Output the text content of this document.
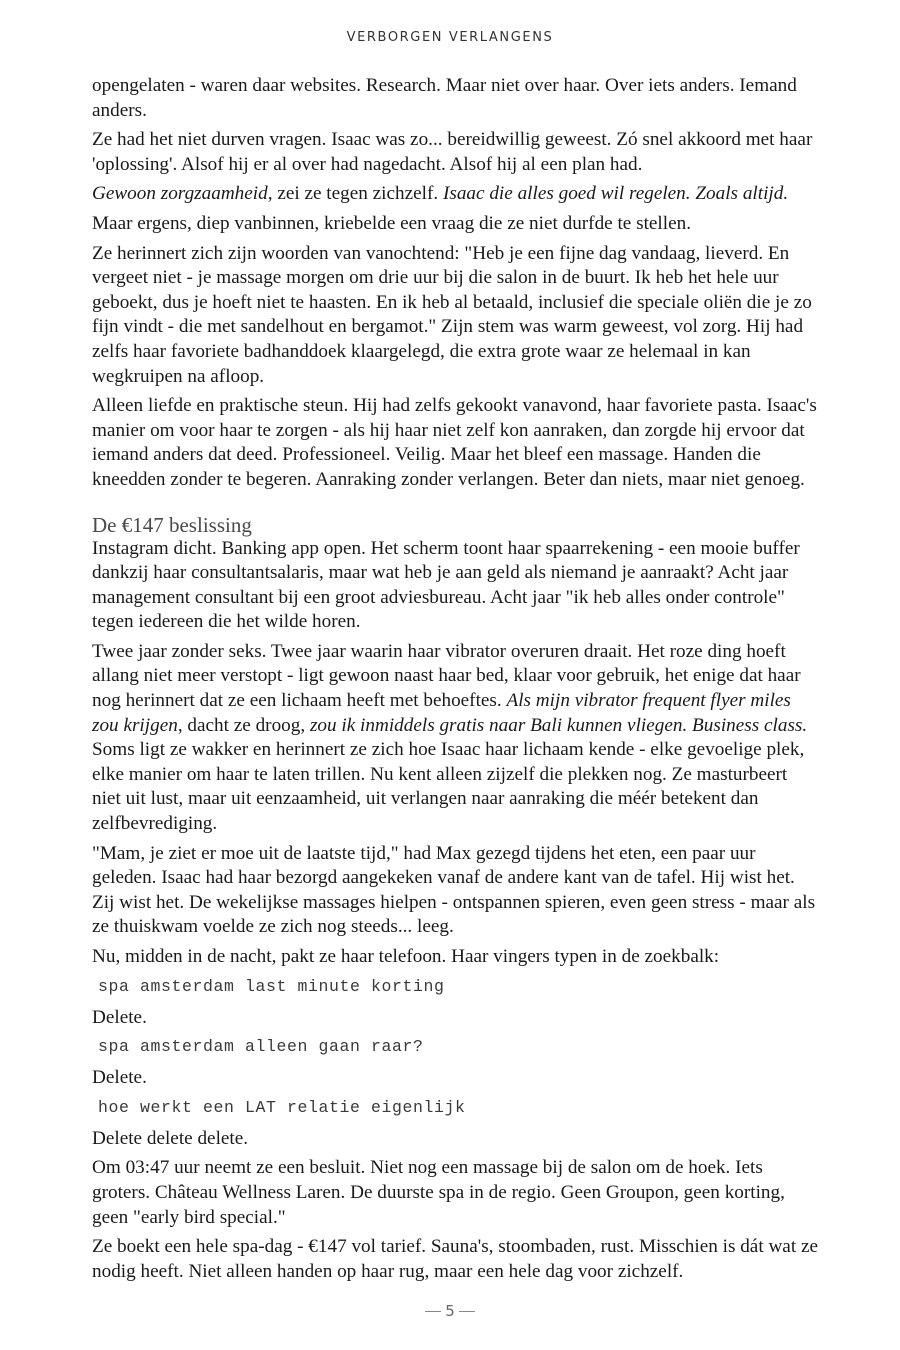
VERBORGEN VERLANGENS

opengelaten - waren daar websites. Research. Maar niet over haar. Over iets anders. Iemand anders.

Ze had het niet durven vragen. Isaac was zo... bereidwillig geweest. Zó snel akkoord met haar 'oplossing'. Alsof hij er al over had nagedacht. Alsof hij al een plan had.

Gewoon zorgzaamheid, zei ze tegen zichzelf. Isaac die alles goed wil regelen. Zoals altijd.

Maar ergens, diep vanbinnen, kriebelde een vraag die ze niet durfde te stellen.

Ze herinnert zich zijn woorden van vanochtend: "Heb je een fijne dag vandaag, lieverd. En vergeet niet - je massage morgen om drie uur bij die salon in de buurt. Ik heb het hele uur geboekt, dus je hoeft niet te haasten. En ik heb al betaald, inclusief die speciale oliën die je zo fijn vindt - die met sandelhout en bergamot." Zijn stem was warm geweest, vol zorg. Hij had zelfs haar favoriete badhanddoek klaargelegd, die extra grote waar ze helemaal in kan wegkruipen na afloop.

Alleen liefde en praktische steun. Hij had zelfs gekookt vanavond, haar favoriete pasta. Isaac's manier om voor haar te zorgen - als hij haar niet zelf kon aanraken, dan zorgde hij ervoor dat iemand anders dat deed. Professioneel. Veilig. Maar het bleef een massage. Handen die kneedden zonder te begeren. Aanraking zonder verlangen. Beter dan niets, maar niet genoeg.

De €147 beslissing

Instagram dicht. Banking app open. Het scherm toont haar spaarrekening - een mooie buffer dankzij haar consultantsalaris, maar wat heb je aan geld als niemand je aanraakt? Acht jaar management consultant bij een groot adviesbureau. Acht jaar "ik heb alles onder controle" tegen iedereen die het wilde horen.

Twee jaar zonder seks. Twee jaar waarin haar vibrator overuren draait. Het roze ding hoeft allang niet meer verstopt - ligt gewoon naast haar bed, klaar voor gebruik, het enige dat haar nog herinnert dat ze een lichaam heeft met behoeftes. Als mijn vibrator frequent flyer miles zou krijgen, dacht ze droog, zou ik inmiddels gratis naar Bali kunnen vliegen. Business class. Soms ligt ze wakker en herinnert ze zich hoe Isaac haar lichaam kende - elke gevoelige plek, elke manier om haar te laten trillen. Nu kent alleen zijzelf die plekken nog. Ze masturbeert niet uit lust, maar uit eenzaamheid, uit verlangen naar aanraking die méér betekent dan zelfbevrediging.

"Mam, je ziet er moe uit de laatste tijd," had Max gezegd tijdens het eten, een paar uur geleden. Isaac had haar bezorgd aangekeken vanaf de andere kant van de tafel. Hij wist het. Zij wist het. De wekelijkse massages hielpen - ontspannen spieren, even geen stress - maar als ze thuiskwam voelde ze zich nog steeds... leeg.

Nu, midden in de nacht, pakt ze haar telefoon. Haar vingers typen in de zoekbalk:

spa amsterdam last minute korting

Delete.

spa amsterdam alleen gaan raar?

Delete.

hoe werkt een LAT relatie eigenlijk

Delete delete delete.

Om 03:47 uur neemt ze een besluit. Niet nog een massage bij de salon om de hoek. Iets groters. Château Wellness Laren. De duurste spa in de regio. Geen Groupon, geen korting, geen "early bird special."

Ze boekt een hele spa-dag - €147 vol tarief. Sauna's, stoombaden, rust. Misschien is dát wat ze nodig heeft. Niet alleen handen op haar rug, maar een hele dag voor zichzelf.

5
